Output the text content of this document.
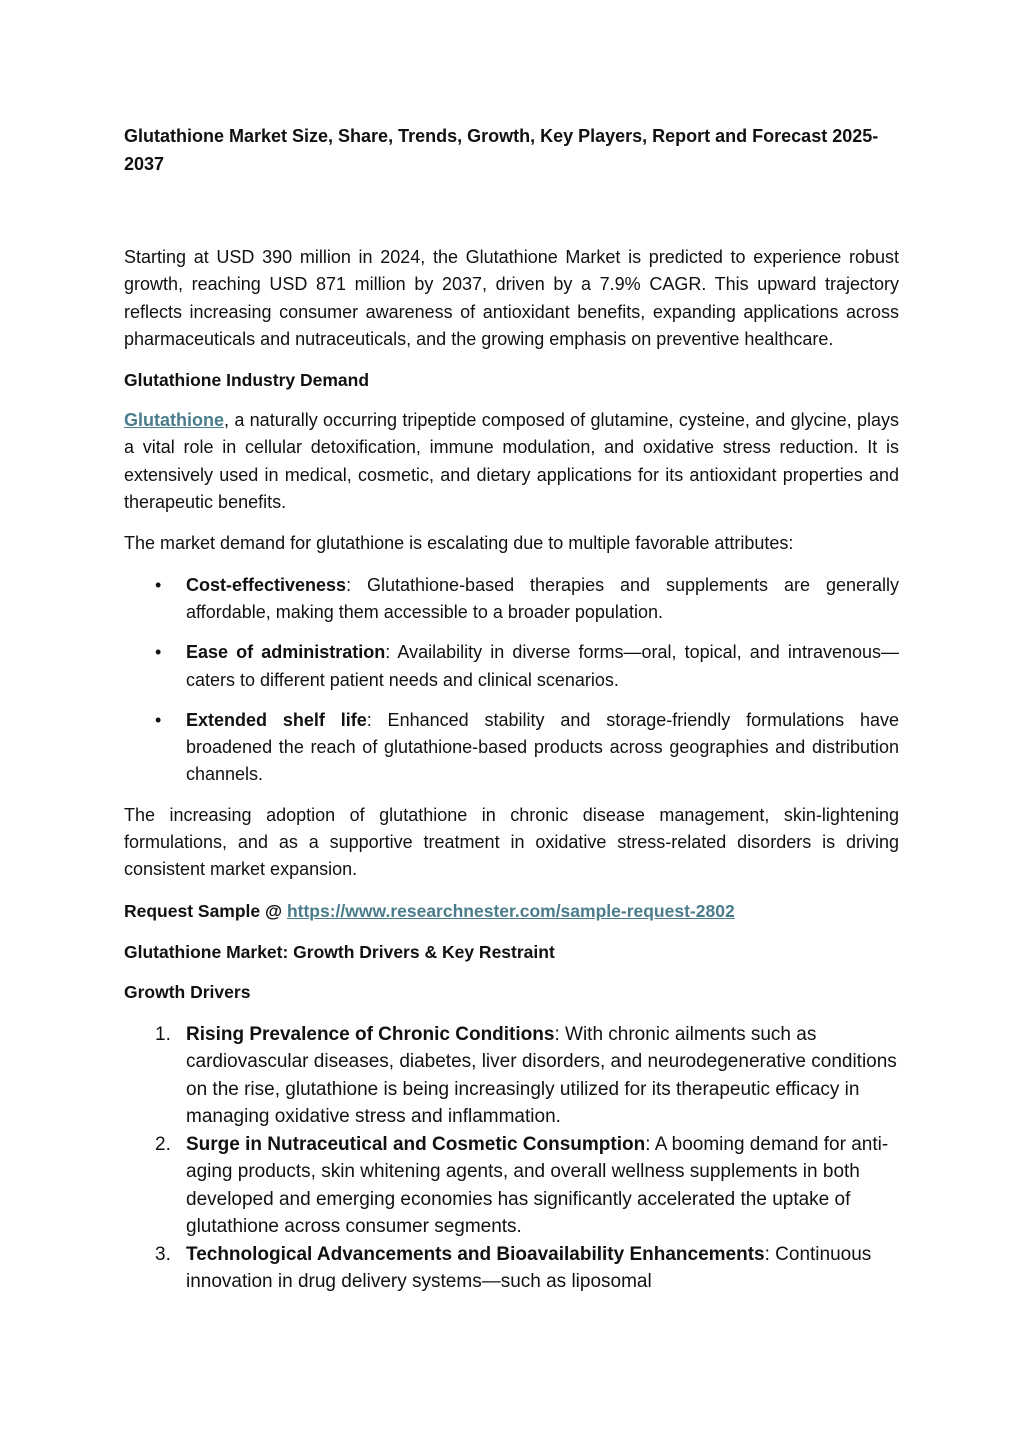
Glutathione Market Size, Share, Trends, Growth, Key Players, Report and Forecast 2025-2037

Starting at USD 390 million in 2024, the Glutathione Market is predicted to experience robust growth, reaching USD 871 million by 2037, driven by a 7.9% CAGR. This upward trajectory reflects increasing consumer awareness of antioxidant benefits, expanding applications across pharmaceuticals and nutraceuticals, and the growing emphasis on preventive healthcare.

Glutathione Industry Demand

Glutathione, a naturally occurring tripeptide composed of glutamine, cysteine, and glycine, plays a vital role in cellular detoxification, immune modulation, and oxidative stress reduction. It is extensively used in medical, cosmetic, and dietary applications for its antioxidant properties and therapeutic benefits.

The market demand for glutathione is escalating due to multiple favorable attributes:

• Cost-effectiveness: Glutathione-based therapies and supplements are generally affordable, making them accessible to a broader population.
• Ease of administration: Availability in diverse forms—oral, topical, and intravenous—caters to different patient needs and clinical scenarios.
• Extended shelf life: Enhanced stability and storage-friendly formulations have broadened the reach of glutathione-based products across geographies and distribution channels.

The increasing adoption of glutathione in chronic disease management, skin-lightening formulations, and as a supportive treatment in oxidative stress-related disorders is driving consistent market expansion.

Request Sample @ https://www.researchnester.com/sample-request-2802
Glutathione Market: Growth Drivers & Key Restraint
Growth Drivers
1. Rising Prevalence of Chronic Conditions: With chronic ailments such as cardiovascular diseases, diabetes, liver disorders, and neurodegenerative conditions on the rise, glutathione is being increasingly utilized for its therapeutic efficacy in managing oxidative stress and inflammation.
2. Surge in Nutraceutical and Cosmetic Consumption: A booming demand for anti-aging products, skin whitening agents, and overall wellness supplements in both developed and emerging economies has significantly accelerated the uptake of glutathione across consumer segments.
3. Technological Advancements and Bioavailability Enhancements: Continuous innovation in drug delivery systems—such as liposomal
